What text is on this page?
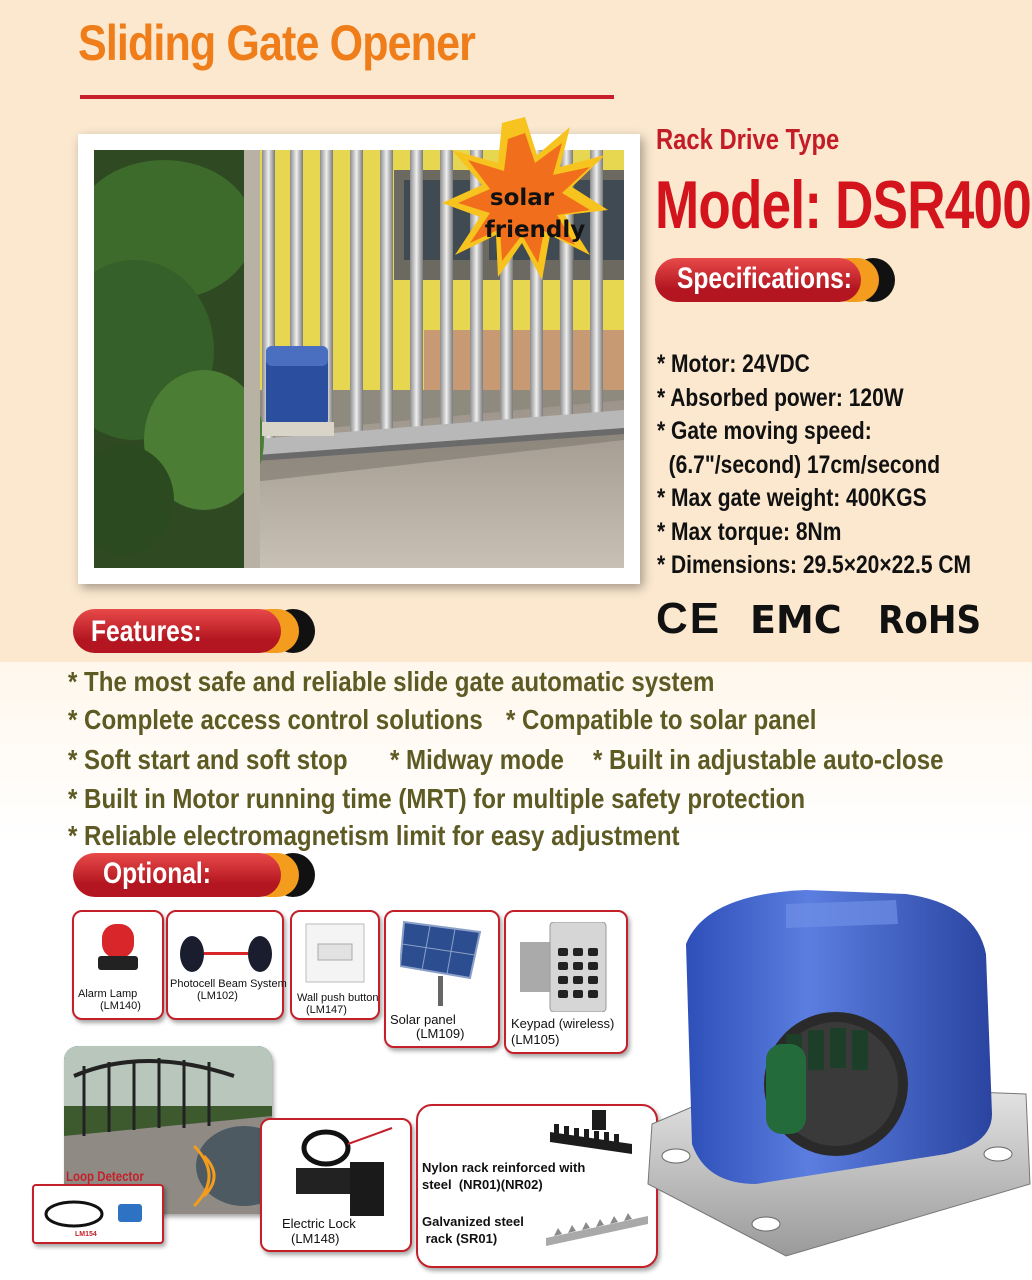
Sliding Gate Opener
solar
friendly
Rack Drive Type
Model: DSR400
Specifications:
* Motor: 24VDC
* Absorbed power: 120W
* Gate moving speed:
(6.7"/second) 17cm/second
* Max gate weight: 400KGS
* Max torque: 8Nm
* Dimensions: 29.5×20×22.5 CM
CE EMC RoHS
Features:
* The most safe and reliable slide gate automatic system
* Complete access control solutions * Compatible to solar panel
* Soft start and soft stop * Midway mode * Built in adjustable auto-close
* Built in Motor running time (MRT) for multiple safety protection
* Reliable electromagnetism limit for easy adjustment
Optional:
Alarm Lamp
(LM140)
Photocell Beam System
(LM102)	Wall push button
(LM147)
Solar panel
(LM109)
Keypad (wireless)
(LM105)
Loop Detector
LM154
Electric Lock
(LM148)
Nylon rack reinforced with
steel  (NR01)(NR02)
Galvanized steel
rack (SR01)
